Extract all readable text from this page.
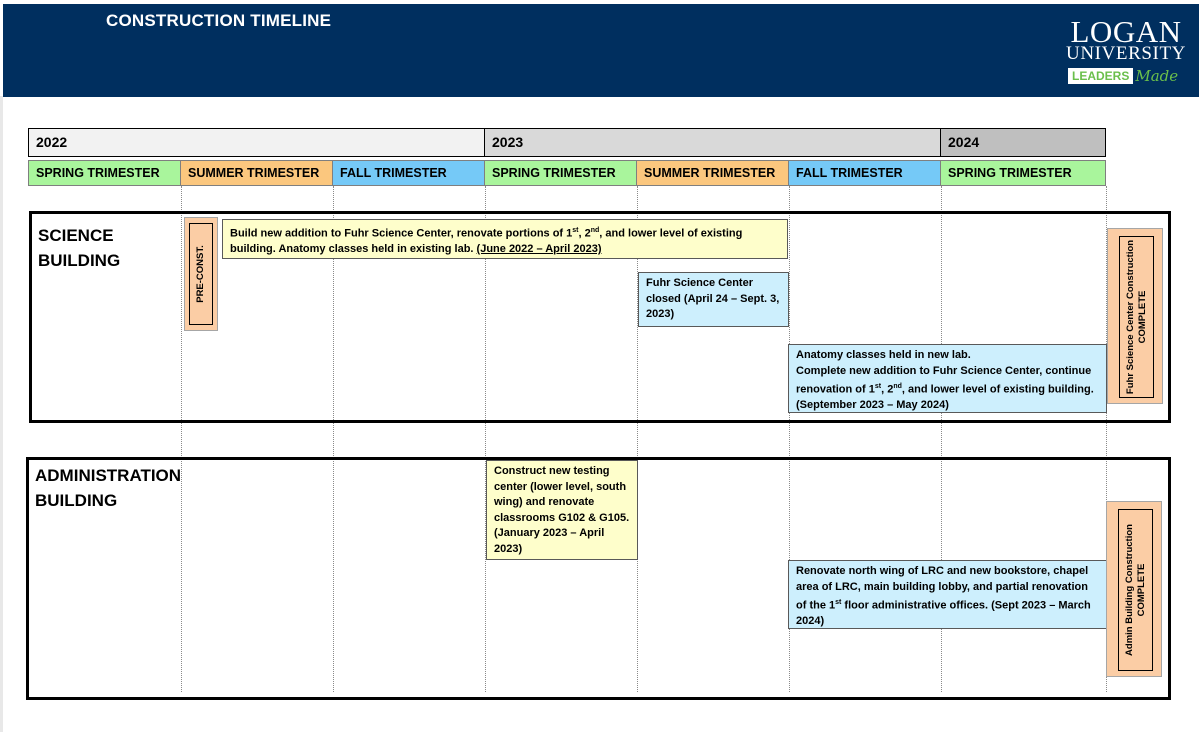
CONSTRUCTION TIMELINE	LOGAN
UNIVERSITY
LEADERS Made
2022	2023	2024
SPRING TRIMESTER	SUMMER TRIMESTER	FALL TRIMESTER	SPRING TRIMESTER	SUMMER TRIMESTER	FALL TRIMESTER	SPRING TRIMESTER
SCIENCE
BUILDING	PRE-CONST.
Build new addition to Fuhr Science Center, renovate portions of 1st, 2nd, and lower level of existing building. Anatomy classes held in existing lab. (June 2022 – April 2023)
Fuhr Science Center closed (April 24 – Sept. 3, 2023)
Anatomy classes held in new lab.
Complete new addition to Fuhr Science Center, continue renovation of 1st, 2nd, and lower level of existing building.
(September 2023 – May 2024)
Fuhr Science Center Construction COMPLETE
ADMINISTRATION
BUILDING
Construct new testing center (lower level, south wing) and renovate classrooms G102 & G105. (January 2023 – April 2023)
Renovate north wing of LRC and new bookstore, chapel area of LRC, main building lobby, and partial renovation of the 1st floor administrative offices. (Sept 2023 – March 2024)	Admin Building Construction COMPLETE
